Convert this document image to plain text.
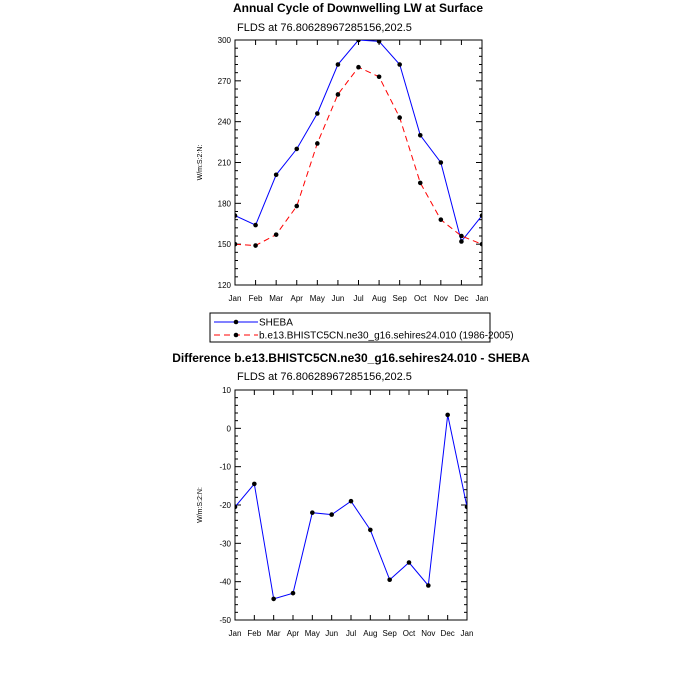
Annual Cycle of Downwelling LW at Surface
FLDS at 76.80628967285156,202.5
120
150
180
210
240
270
300
Jan Feb Mar Apr May Jun Jul Aug Sep Oct Nov Dec Jan
W/m:S:2:N:
SHEBA
b.e13.BHISTC5CN.ne30_g16.sehires24.010 (1986-2005)
Difference b.e13.BHISTC5CN.ne30_g16.sehires24.010 - SHEBA
FLDS at 76.80628967285156,202.5
-50
-40
-30
-20
-10
0
10
Jan Feb Mar Apr May Jun Jul Aug Sep Oct Nov Dec Jan
W/m:S:2:N:
